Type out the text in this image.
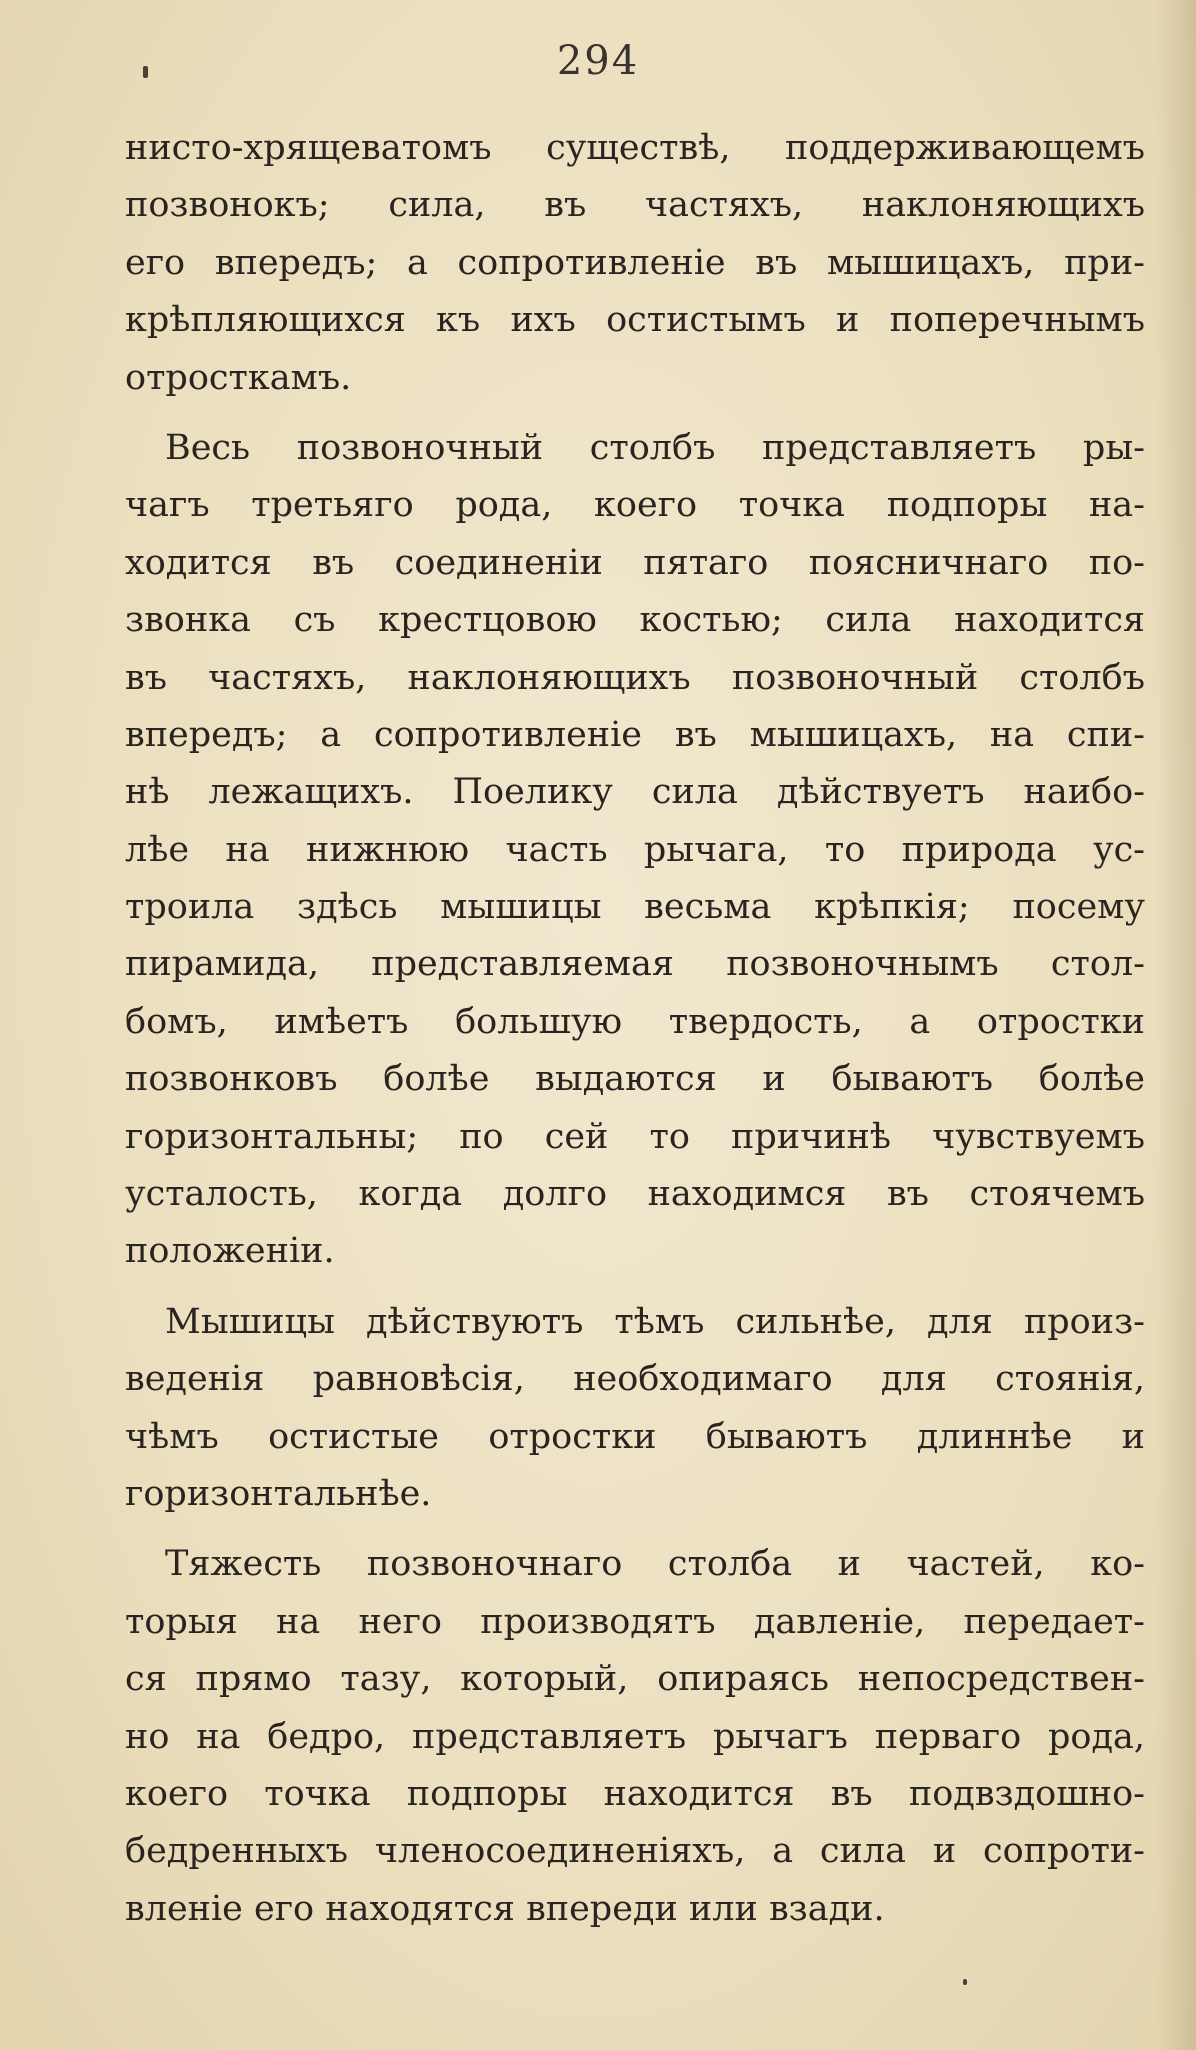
294
нисто-хрящеватомъ существѣ, поддерживающемъ
позвонокъ; сила, въ частяхъ, наклоняющихъ
его впередъ; а сопротивленіе въ мышицахъ, при-
крѣпляющихся къ ихъ остистымъ и поперечнымъ
отросткамъ.
Весь позвоночный столбъ представляетъ ры-
чагъ третьяго рода, коего точка подпоры на-
ходится въ соединеніи пятаго поясничнаго по-
звонка съ крестцовою костью; сила находится
въ частяхъ, наклоняющихъ позвоночный столбъ
впередъ; а сопротивленіе въ мышицахъ, на спи-
нѣ лежащихъ. Поелику сила дѣйствуетъ наибо-
лѣе на нижнюю часть рычага, то природа ус-
троила здѣсь мышицы весьма крѣпкія; посему
пирамида, представляемая позвоночнымъ стол-
бомъ, имѣетъ большую твердость, а отростки
позвонковъ болѣе выдаются и бываютъ болѣе
горизонтальны; по сей то причинѣ чувствуемъ
усталость, когда долго находимся въ стоячемъ
положеніи.
Мышицы дѣйствуютъ тѣмъ сильнѣе, для произ-
веденія равновѣсія, необходимаго для стоянія,
чѣмъ остистые отростки бываютъ длиннѣе и
горизонтальнѣе.
Тяжесть позвоночнаго столба и частей, ко-
торыя на него производятъ давленіе, передает-
ся прямо тазу, который, опираясь непосредствен-
но на бедро, представляетъ рычагъ перваго рода,
коего точка подпоры находится въ подвздошно-
бедренныхъ членосоединеніяхъ, а сила и сопроти-
вленіе его находятся впереди или взади.
